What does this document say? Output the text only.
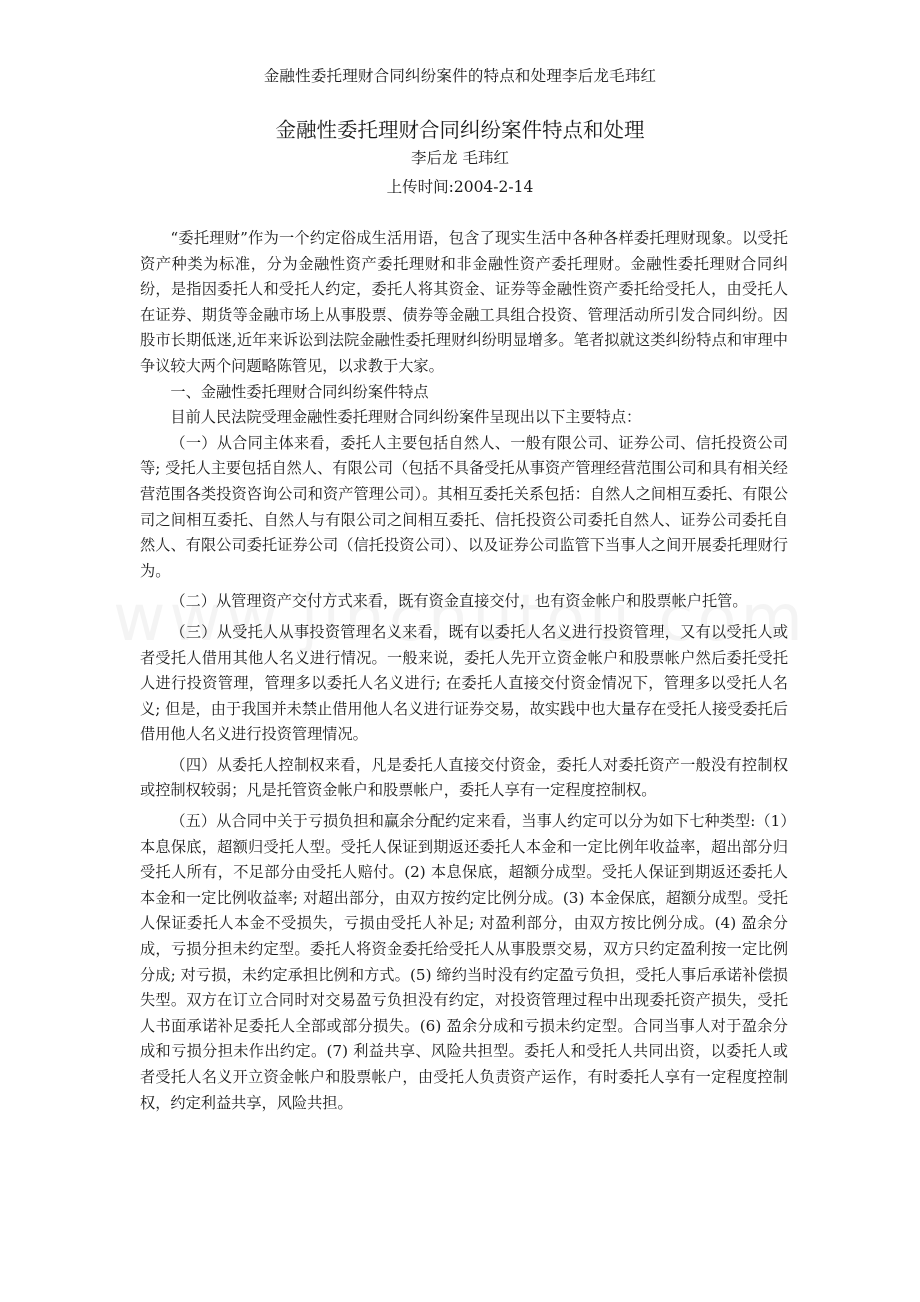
金融性委托理财合同纠纷案件的特点和处理李后龙毛玮红
金融性委托理财合同纠纷案件特点和处理
李后龙 毛玮红
上传时间:2004-2-14

“委托理财”作为一个约定俗成生活用语，包含了现实生活中各种各样委托理财现象。以受托资产种类为标准，分为金融性资产委托理财和非金融性资产委托理财。金融性委托理财合同纠纷，是指因委托人和受托人约定，委托人将其资金、证券等金融性资产委托给受托人，由受托人在证券、期货等金融市场上从事股票、债券等金融工具组合投资、管理活动所引发合同纠纷。因股市长期低迷,近年来诉讼到法院金融性委托理财纠纷明显增多。笔者拟就这类纠纷特点和审理中争议较大两个问题略陈管见，以求教于大家。

一、金融性委托理财合同纠纷案件特点

目前人民法院受理金融性委托理财合同纠纷案件呈现出以下主要特点：

（一）从合同主体来看，委托人主要包括自然人、一般有限公司、证券公司、信托投资公司等; 受托人主要包括自然人、有限公司（包括不具备受托从事资产管理经营范围公司和具有相关经营范围各类投资咨询公司和资产管理公司）。其相互委托关系包括：自然人之间相互委托、有限公司之间相互委托、自然人与有限公司之间相互委托、信托投资公司委托自然人、证券公司委托自然人、有限公司委托证券公司（信托投资公司）、以及证券公司监管下当事人之间开展委托理财行为。

（二）从管理资产交付方式来看，既有资金直接交付，也有资金帐户和股票帐户托管。

（三）从受托人从事投资管理名义来看，既有以委托人名义进行投资管理，又有以受托人或者受托人借用其他人名义进行情况。一般来说，委托人先开立资金帐户和股票帐户然后委托受托人进行投资管理，管理多以委托人名义进行; 在委托人直接交付资金情况下，管理多以受托人名义; 但是，由于我国并未禁止借用他人名义进行证券交易，故实践中也大量存在受托人接受委托后借用他人名义进行投资管理情况。

（四）从委托人控制权来看，凡是委托人直接交付资金，委托人对委托资产一般没有控制权或控制权较弱；凡是托管资金帐户和股票帐户，委托人享有一定程度控制权。

（五）从合同中关于亏损负担和赢余分配约定来看，当事人约定可以分为如下七种类型:（1）本息保底，超额归受托人型。受托人保证到期返还委托人本金和一定比例年收益率，超出部分归受托人所有，不足部分由受托人赔付。(2) 本息保底，超额分成型。受托人保证到期返还委托人本金和一定比例收益率; 对超出部分，由双方按约定比例分成。(3) 本金保底，超额分成型。受托人保证委托人本金不受损失，亏损由受托人补足; 对盈利部分，由双方按比例分成。(4) 盈余分成，亏损分担未约定型。委托人将资金委托给受托人从事股票交易，双方只约定盈利按一定比例分成; 对亏损，未约定承担比例和方式。(5) 缔约当时没有约定盈亏负担，受托人事后承诺补偿损失型。双方在订立合同时对交易盈亏负担没有约定，对投资管理过程中出现委托资产损失，受托人书面承诺补足委托人全部或部分损失。(6) 盈余分成和亏损未约定型。合同当事人对于盈余分成和亏损分担未作出约定。(7) 利益共享、风险共担型。委托人和受托人共同出资，以委托人或者受托人名义开立资金帐户和股票帐户，由受托人负责资产运作，有时委托人享有一定程度控制权，约定利益共享，风险共担。
